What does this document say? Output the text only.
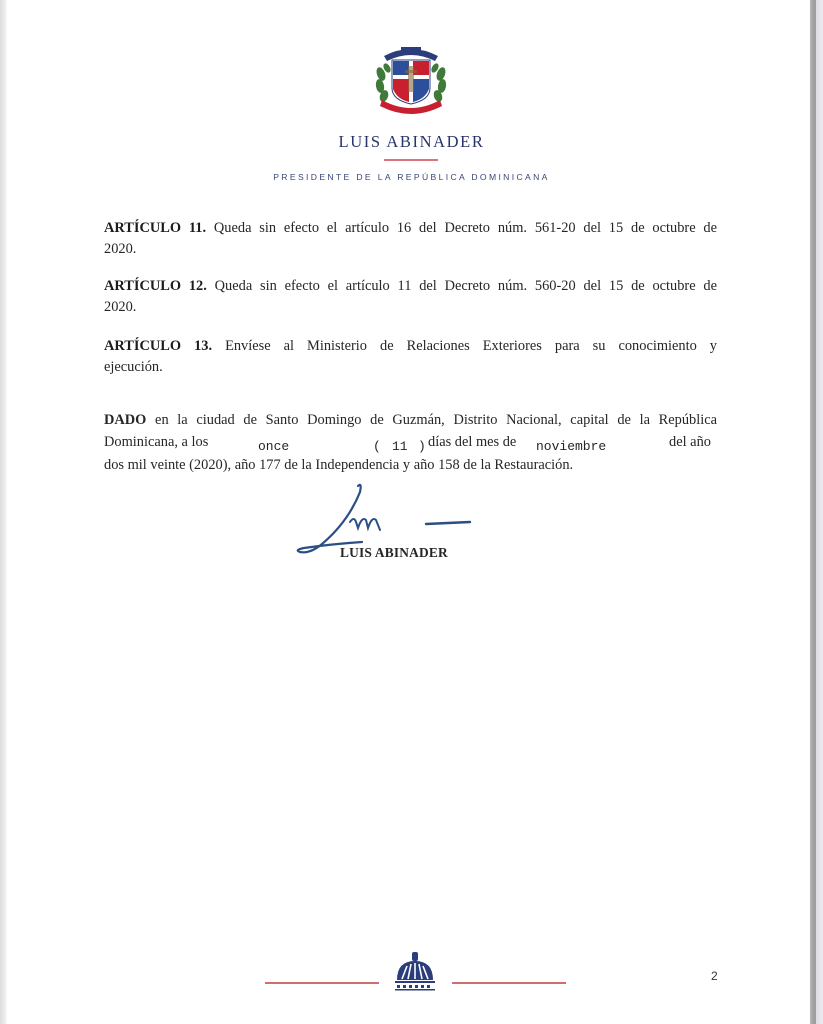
LUIS ABINADER
PRESIDENTE DE LA REPÚBLICA DOMINICANA
ARTÍCULO 11. Queda sin efecto el artículo 16 del Decreto núm. 561-20 del 15 de octubre de
2020.
ARTÍCULO 12. Queda sin efecto el artículo 11 del Decreto núm. 560-20 del 15 de octubre de
2020.
ARTÍCULO 13. Envíese al Ministerio de Relaciones Exteriores para su conocimiento y
ejecución.
DADO en la ciudad de Santo Domingo de Guzmán, Distrito Nacional, capital de la República
Dominicana, a los	once	( 11 ) días del mes de noviembre	del año
dos mil veinte (2020), año 177 de la Independencia y año 158 de la Restauración.
LUIS ABINADER
2
